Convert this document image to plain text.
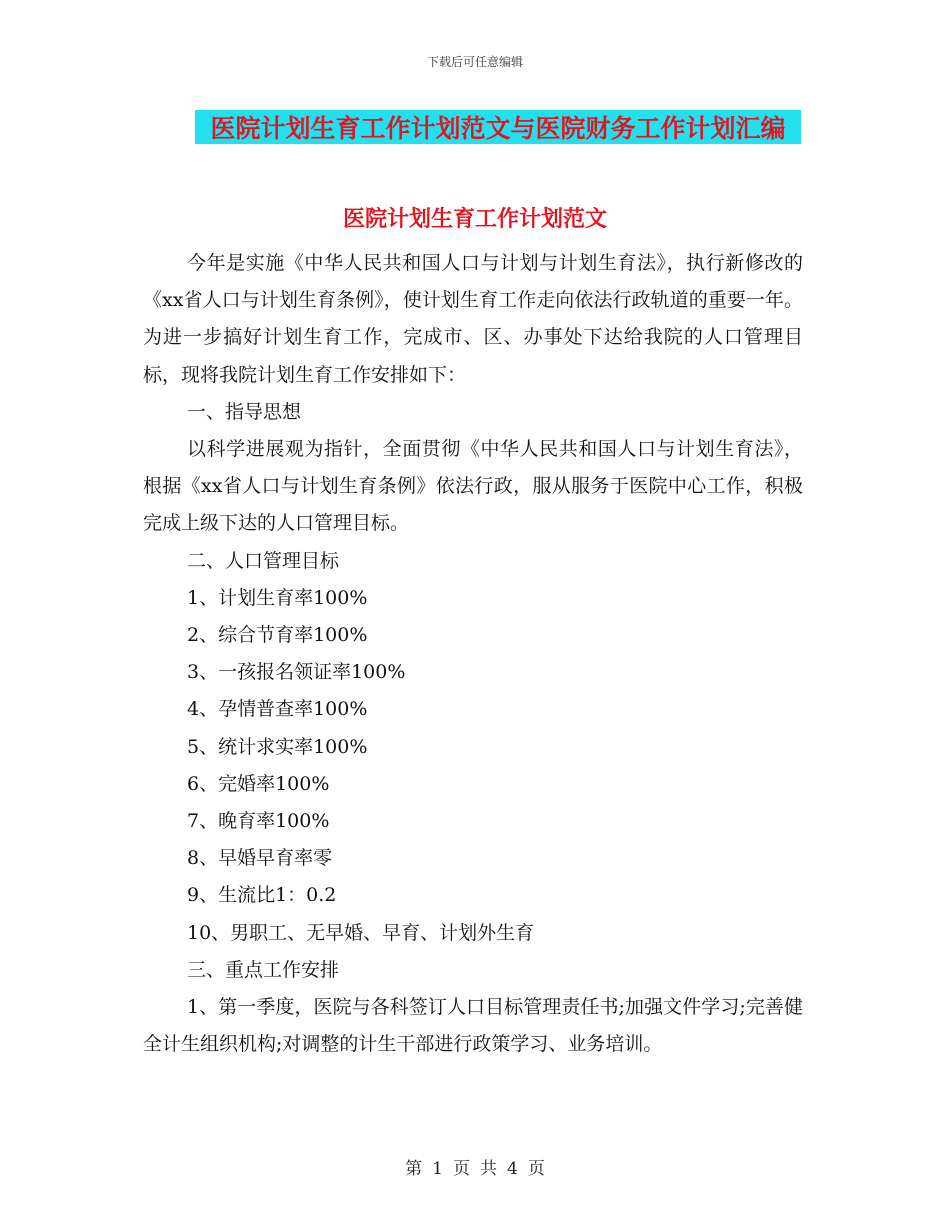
下载后可任意编辑
医院计划生育工作计划范文与医院财务工作计划汇编
医院计划生育工作计划范文

今年是实施《中华人民共和国人口与计划与计划生育法》，执行新修改的《xx省人口与计划生育条例》，使计划生育工作走向依法行政轨道的重要一年。为进一步搞好计划生育工作，完成市、区、办事处下达给我院的人口管理目标，现将我院计划生育工作安排如下：

一、指导思想

以科学进展观为指针，全面贯彻《中华人民共和国人口与计划生育法》，根据《xx省人口与计划生育条例》依法行政，服从服务于医院中心工作，积极完成上级下达的人口管理目标。

二、人口管理目标

1、计划生育率100%

2、综合节育率100%

3、一孩报名领证率100%

4、孕情普查率100%

5、统计求实率100%

6、完婚率100%

7、晚育率100%

8、早婚早育率零

9、生流比1：0.2

10、男职工、无早婚、早育、计划外生育

三、重点工作安排

1、第一季度，医院与各科签订人口目标管理责任书;加强文件学习;完善健全计生组织机构;对调整的计生干部进行政策学习、业务培训。

第 1 页 共 4 页
